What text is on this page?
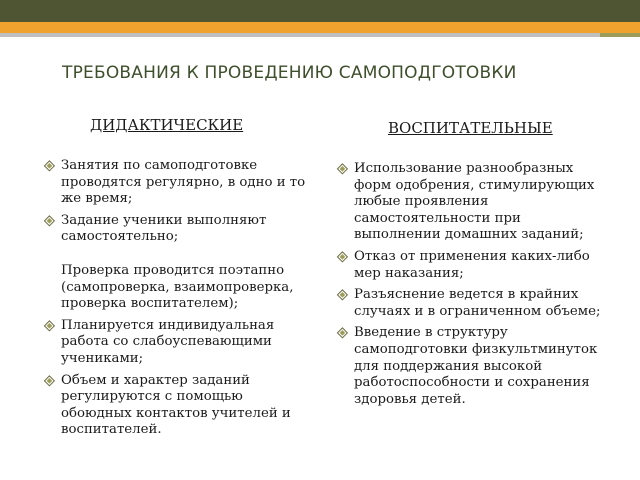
ТРЕБОВАНИЯ К ПРОВЕДЕНИЮ САМОПОДГОТОВКИ
ДИДАКТИЧЕСКИЕ	ВОСПИТАТЕЛЬНЫЕ
Занятия по самоподготовке проводятся регулярно, в одно и то же время;
Задание ученики выполняют самостоятельно;
Проверка проводится поэтапно (самопроверка, взаимопроверка, проверка воспитателем);
Планируется индивидуальная работа со слабоуспевающими учениками;
Объем и характер заданий регулируются с помощью обоюдных контактов учителей и воспитателей.
Использование разнообразных форм одобрения, стимулирующих любые проявления самостоятельности при выполнении домашних заданий;
Отказ от применения каких-либо мер наказания;
Разъяснение ведется в крайних случаях и в ограниченном объеме;
Введение в структуру самоподготовки физкультминуток для поддержания высокой работоспособности и сохранения здоровья детей.
